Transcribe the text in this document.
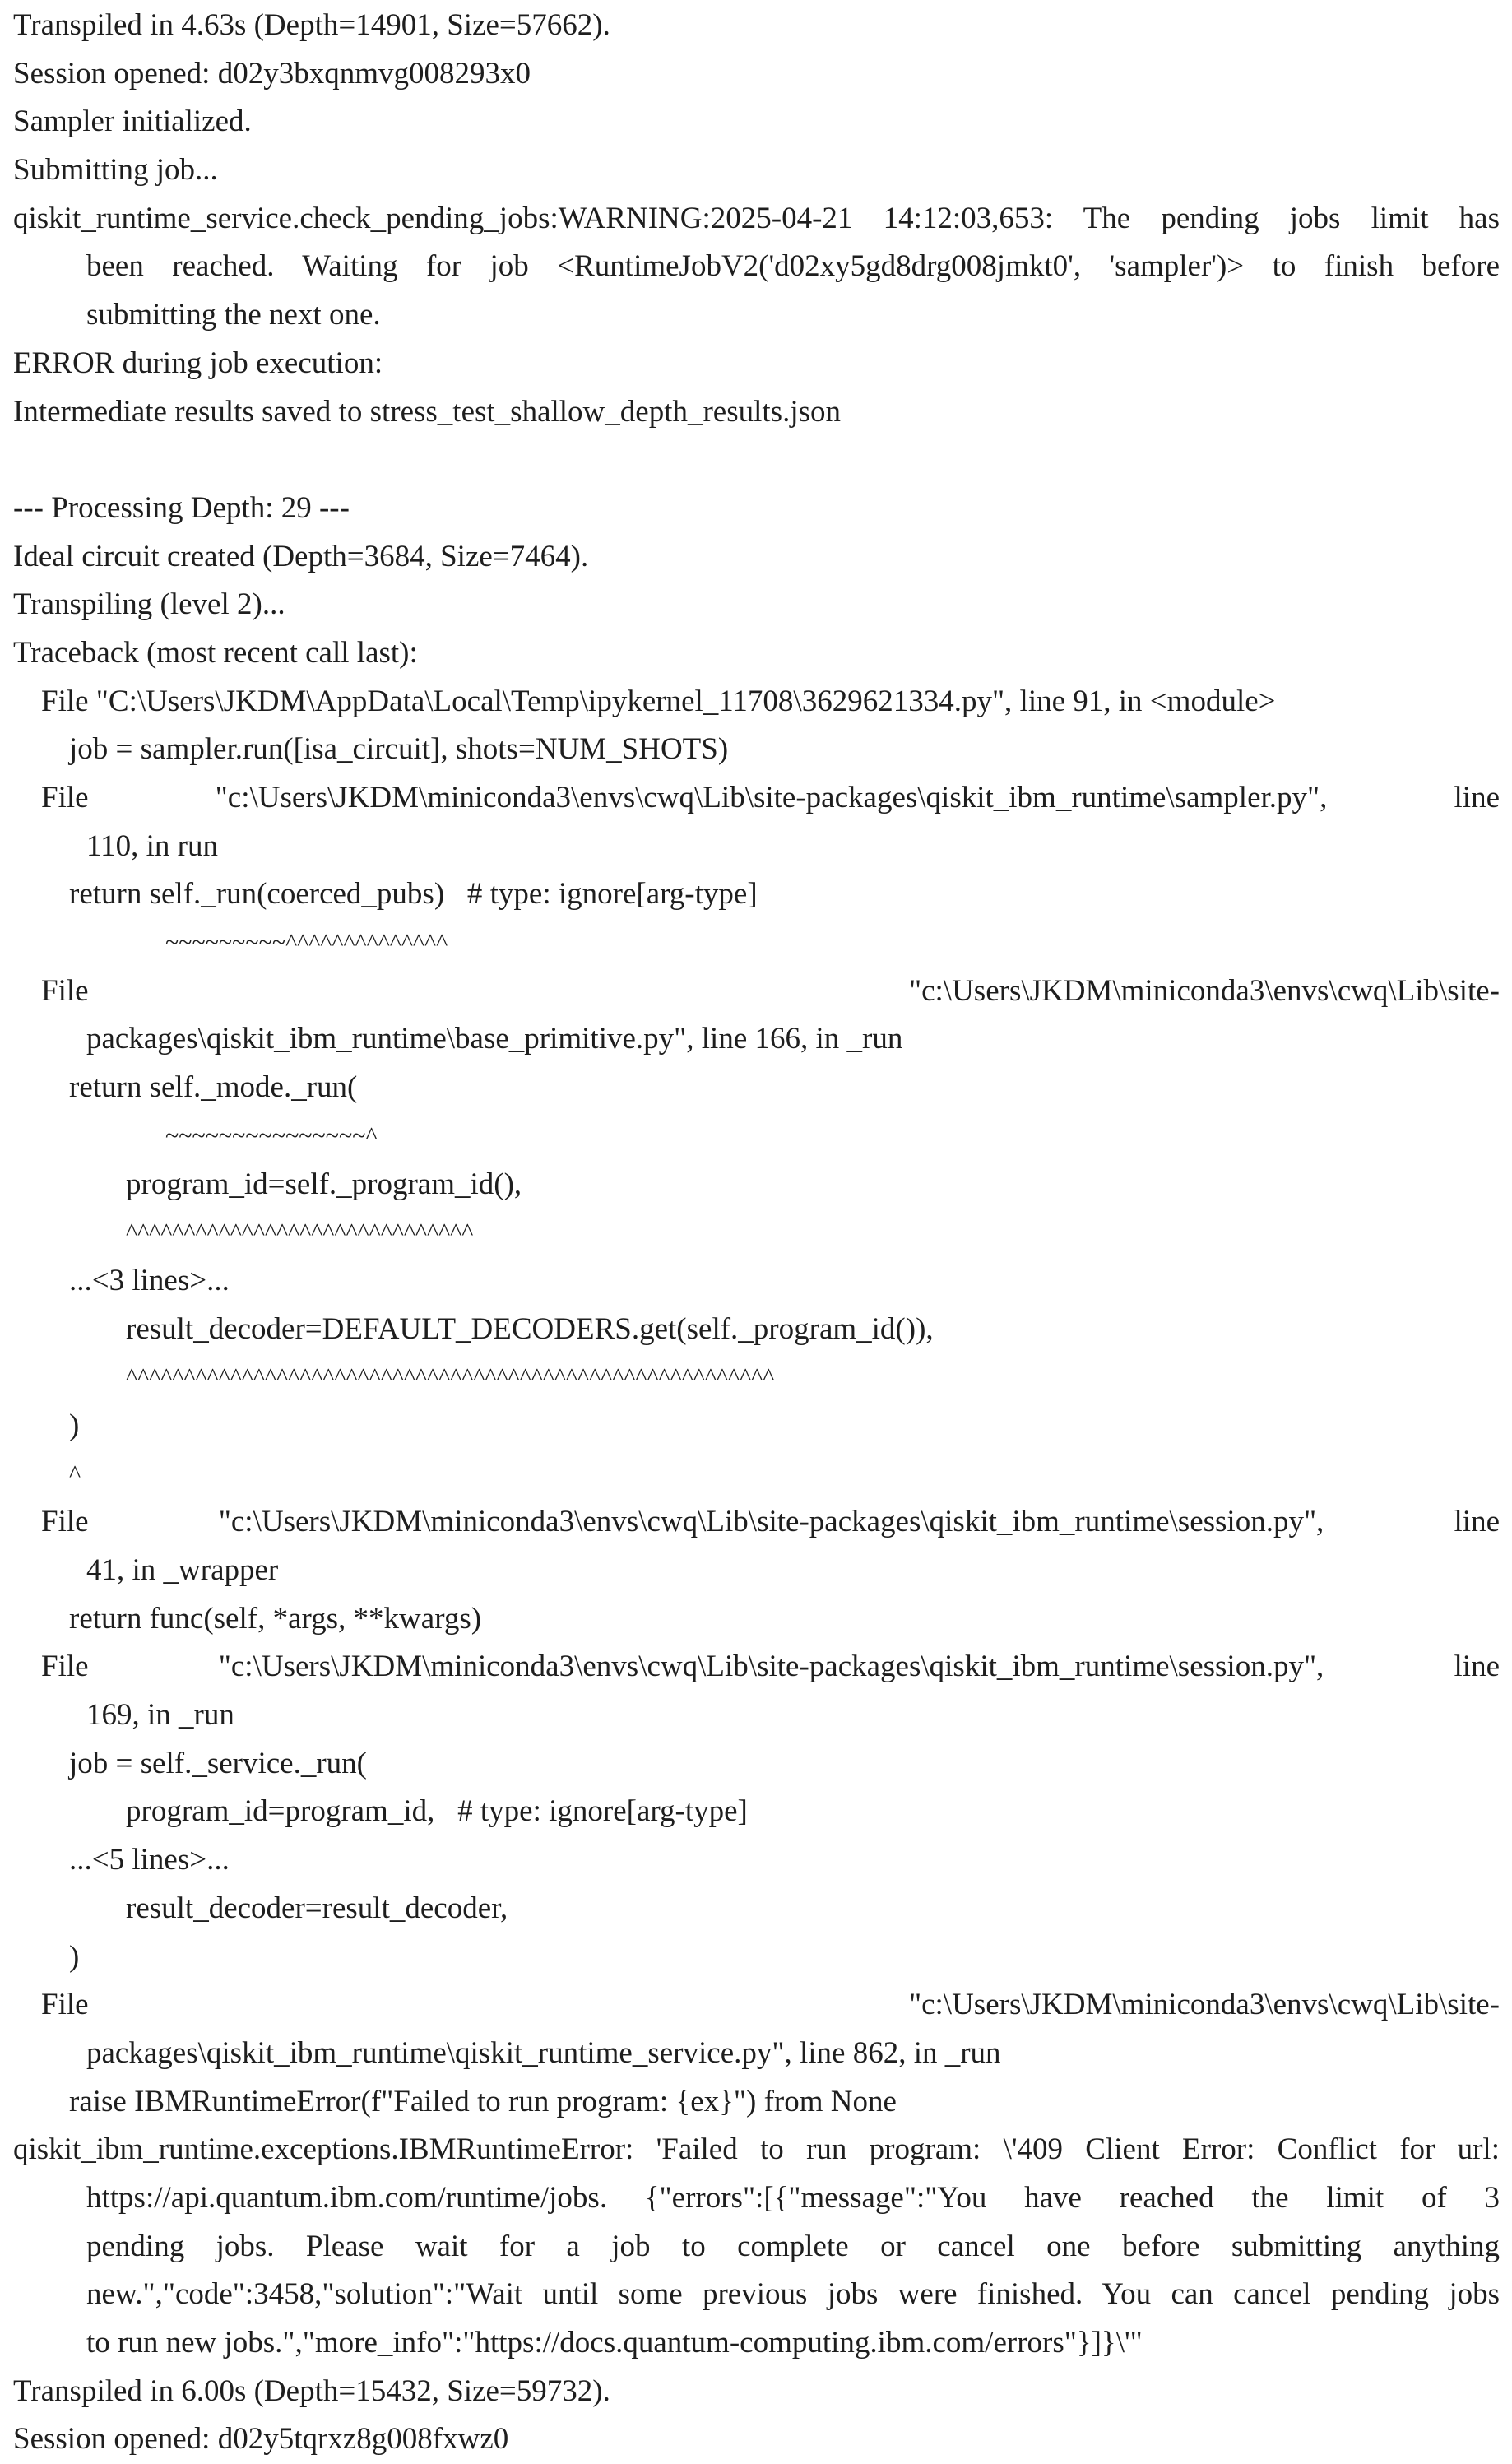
Transpiled in 4.63s (Depth=14901, Size=57662).
Session opened: d02y3bxqnmvg008293x0
Sampler initialized.
Submitting job...
qiskit_runtime_service.check_pending_jobs:WARNING:2025-04-21 14:12:03,653: The pending jobs limit has
been reached. Waiting for job <RuntimeJobV2('d02xy5gd8drg008jmkt0', 'sampler')> to finish before
submitting the next one.
ERROR during job execution:
Intermediate results saved to stress_test_shallow_depth_results.json
--- Processing Depth: 29 ---
Ideal circuit created (Depth=3684, Size=7464).
Transpiling (level 2)...
Traceback (most recent call last):
File "C:\Users\JKDM\AppData\Local\Temp\ipykernel_11708\3629621334.py", line 91, in <module>
job = sampler.run([isa_circuit], shots=NUM_SHOTS)
File "c:\Users\JKDM\miniconda3\envs\cwq\Lib\site-packages\qiskit_ibm_runtime\sampler.py", line
110, in run
return self._run(coerced_pubs)   # type: ignore[arg-type]
~~~~~~~~~^^^^^^^^^^^^^^
File "c:\Users\JKDM\miniconda3\envs\cwq\Lib\site-
packages\qiskit_ibm_runtime\base_primitive.py", line 166, in _run
return self._mode._run(
~~~~~~~~~~~~~~~^
program_id=self._program_id(),
^^^^^^^^^^^^^^^^^^^^^^^^^^^^^^
...<3 lines>...
result_decoder=DEFAULT_DECODERS.get(self._program_id()),
^^^^^^^^^^^^^^^^^^^^^^^^^^^^^^^^^^^^^^^^^^^^^^^^^^^^^^^^
)
^
File "c:\Users\JKDM\miniconda3\envs\cwq\Lib\site-packages\qiskit_ibm_runtime\session.py", line
41, in _wrapper
return func(self, *args, **kwargs)
File "c:\Users\JKDM\miniconda3\envs\cwq\Lib\site-packages\qiskit_ibm_runtime\session.py", line
169, in _run
job = self._service._run(
program_id=program_id,   # type: ignore[arg-type]
...<5 lines>...
result_decoder=result_decoder,
)
File "c:\Users\JKDM\miniconda3\envs\cwq\Lib\site-
packages\qiskit_ibm_runtime\qiskit_runtime_service.py", line 862, in _run
raise IBMRuntimeError(f"Failed to run program: {ex}") from None
qiskit_ibm_runtime.exceptions.IBMRuntimeError: 'Failed to run program: \'409 Client Error: Conflict for url:
https://api.quantum.ibm.com/runtime/jobs. {"errors":[{"message":"You have reached the limit of 3
pending jobs. Please wait for a job to complete or cancel one before submitting anything
new.","code":3458,"solution":"Wait until some previous jobs were finished. You can cancel pending jobs
to run new jobs.","more_info":"https://docs.quantum-computing.ibm.com/errors"}]}\'"
Transpiled in 6.00s (Depth=15432, Size=59732).
Session opened: d02y5tqrxz8g008fxwz0
